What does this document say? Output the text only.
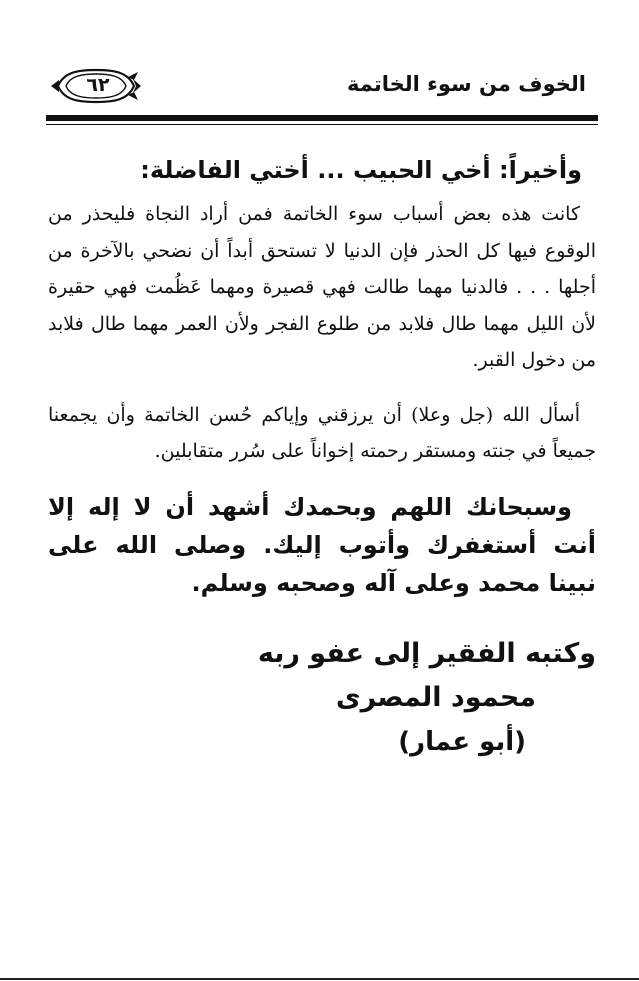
٦٢	الخوف من سوء الخاتمة
وأخيراً: أخي الحبيب ... أختي الفاضلة:

كانت هذه بعض أسباب سوء الخاتمة فمن أراد النجاة فليحذر من الوقوع فيها كل الحذر فإن الدنيا لا تستحق أبداً أن نضحي بالآخرة من أجلها . . . فالدنيا مهما طالت فهي قصيرة ومهما عَظُمت فهي حقيرة لأن الليل مهما طال فلابد من طلوع الفجر ولأن العمر مهما طال فلابد من دخول القبر.

أسأل الله (جل وعلا) أن يرزقني وإياكم حُسن الخاتمة وأن يجمعنا جميعاً في جنته ومستقر رحمته إخواناً على سُرر متقابلين.

وسبحانك اللهم وبحمدك أشهد أن لا إله إلا أنت أستغفرك وأتوب إليك. وصلى الله على نبينا محمد وعلى آله وصحبه وسلم.

وكتبه الفقير إلى عفو ربه
محمود المصرى
(أبو عمار)
